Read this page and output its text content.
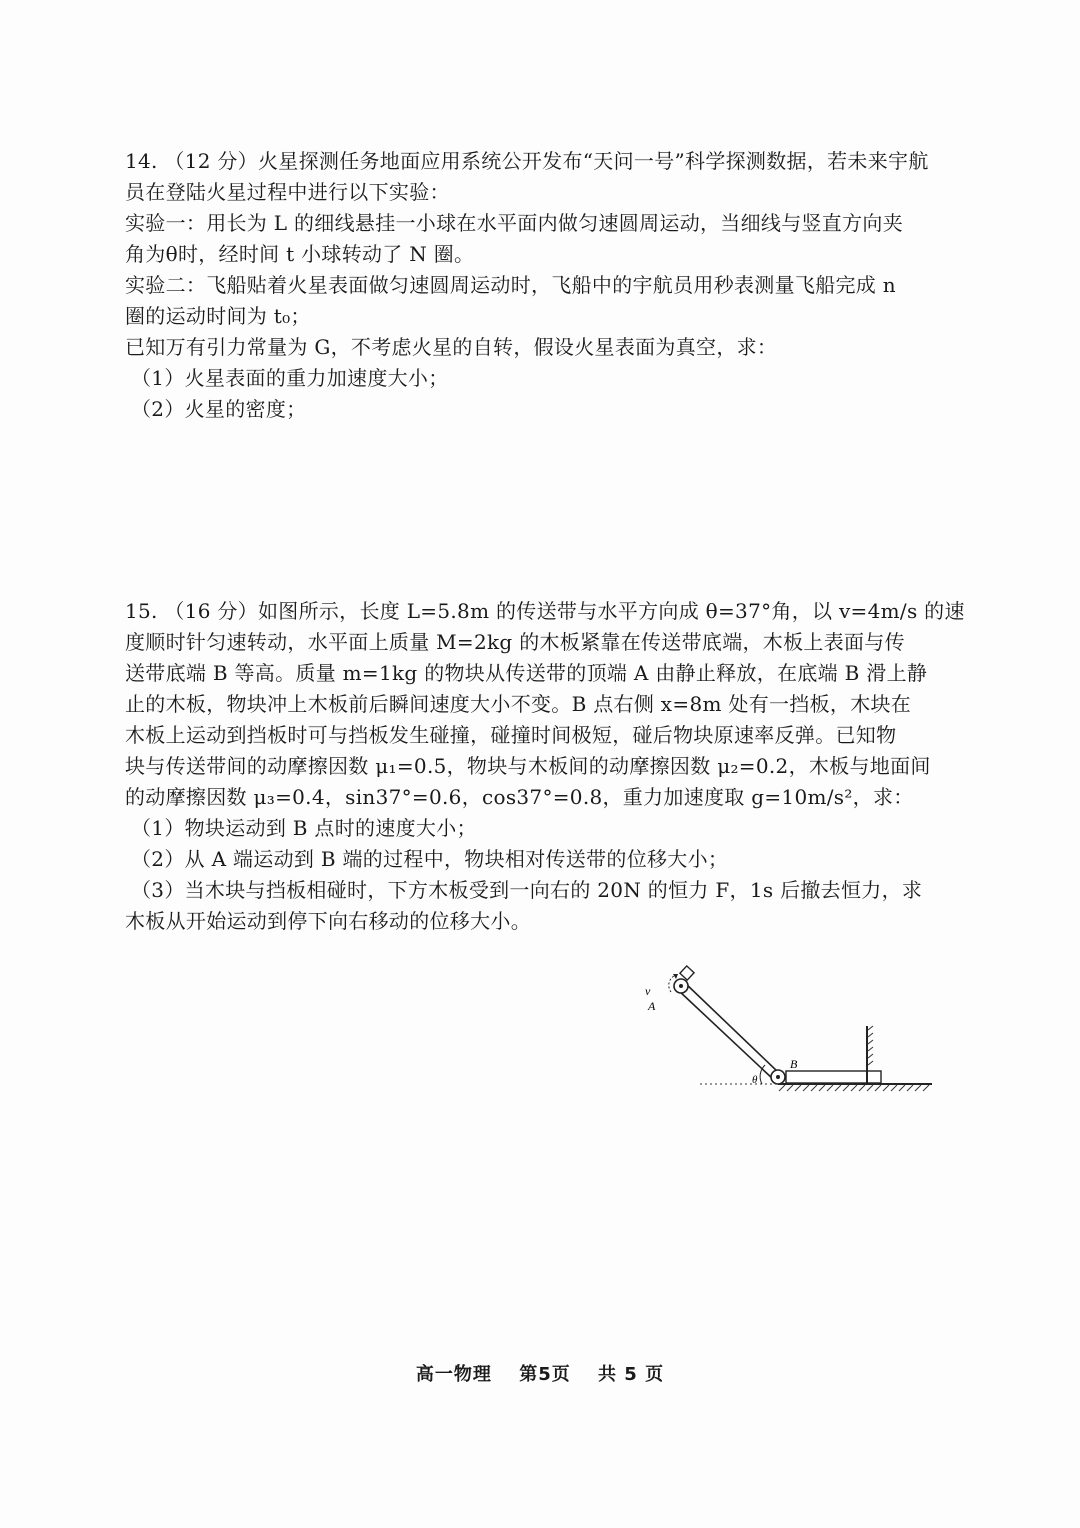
14. （12 分）火星探测任务地面应用系统公开发布“天问一号”科学探测数据，若未来宇航
员在登陆火星过程中进行以下实验：
实验一：用长为 L 的细线悬挂一小球在水平面内做匀速圆周运动，当细线与竖直方向夹
角为θ时，经时间 t 小球转动了 N 圈。
实验二：飞船贴着火星表面做匀速圆周运动时，飞船中的宇航员用秒表测量飞船完成 n
圈的运动时间为 t₀；
已知万有引力常量为 G，不考虑火星的自转，假设火星表面为真空，求：
（1）火星表面的重力加速度大小；
（2）火星的密度；
15. （16 分）如图所示，长度 L=5.8m 的传送带与水平方向成 θ=37°角，以 v=4m/s 的速
度顺时针匀速转动，水平面上质量 M=2kg 的木板紧靠在传送带底端，木板上表面与传
送带底端 B 等高。质量 m=1kg 的物块从传送带的顶端 A 由静止释放，在底端 B 滑上静
止的木板，物块冲上木板前后瞬间速度大小不变。B 点右侧 x=8m 处有一挡板，木块在
木板上运动到挡板时可与挡板发生碰撞，碰撞时间极短，碰后物块原速率反弹。已知物
块与传送带间的动摩擦因数 μ₁=0.5，物块与木板间的动摩擦因数 μ₂=0.2，木板与地面间
的动摩擦因数 μ₃=0.4，sin37°=0.6，cos37°=0.8，重力加速度取 g=10m/s²，求：
（1）物块运动到 B 点时的速度大小；
（2）从 A 端运动到 B 端的过程中，物块相对传送带的位移大小；
（3）当木块与挡板相碰时，下方木板受到一向右的 20N 的恒力 F，1s 后撤去恒力，求
木板从开始运动到停下向右移动的位移大小。
v
A
B
θ
高一物理 第5页 共 5 页
